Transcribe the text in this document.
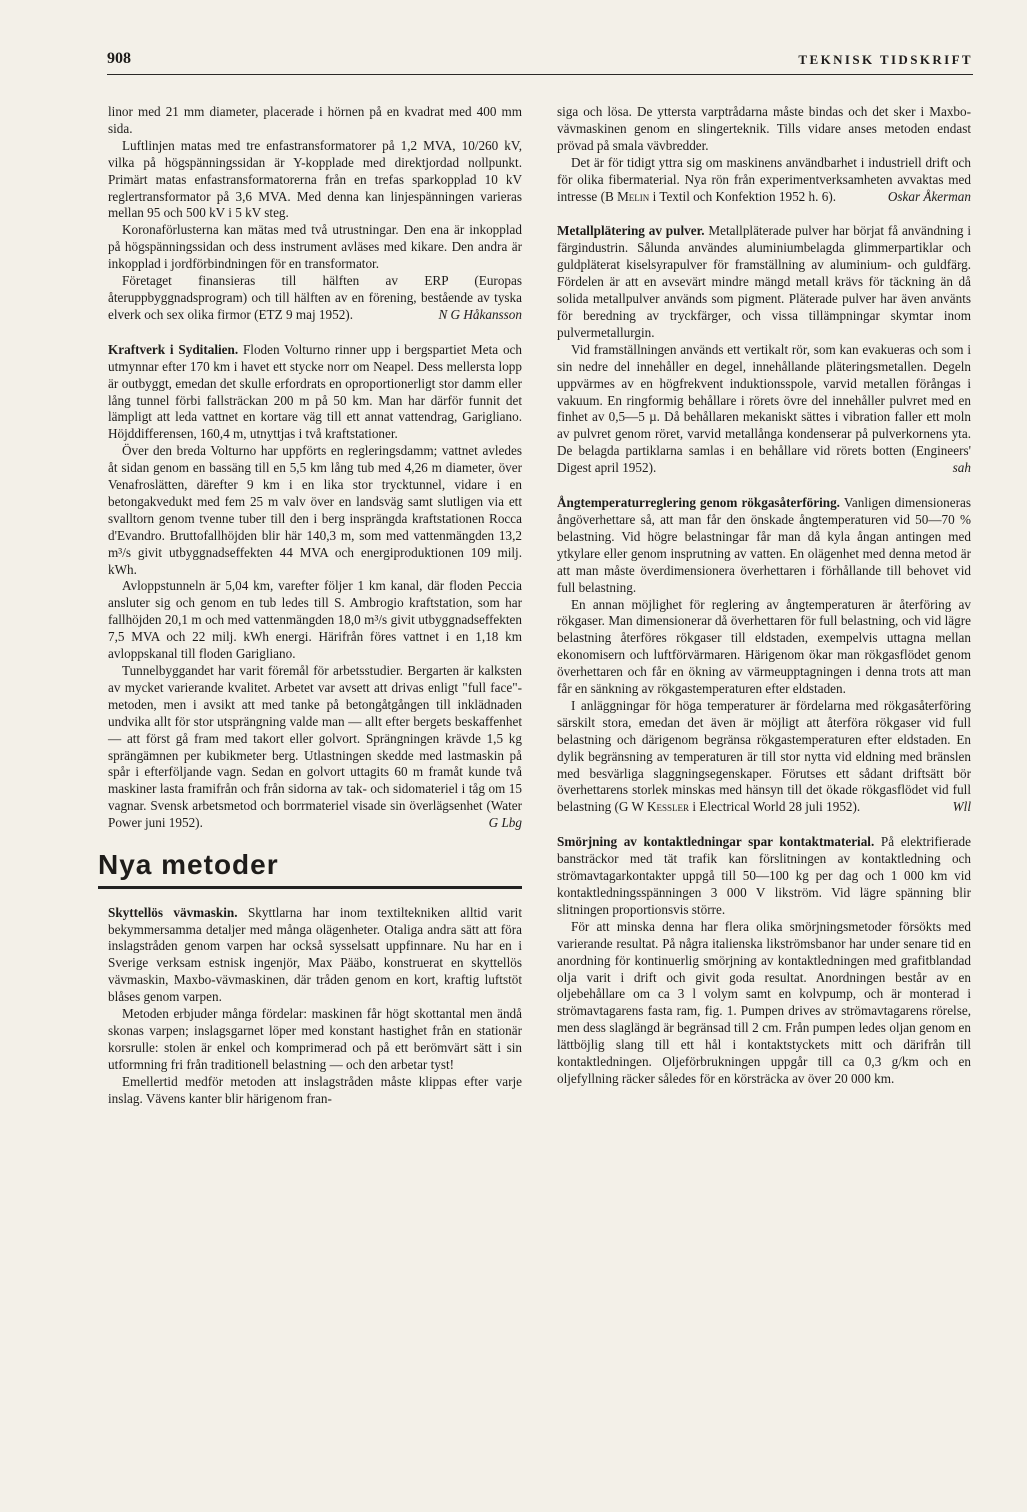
908	TEKNISK TIDSKRIFT

linor med 21 mm diameter, placerade i hörnen på en kvadrat med 400 mm sida.

Luftlinjen matas med tre enfastransformatorer på 1,2 MVA, 10/260 kV, vilka på högspänningssidan är Y-kopplade med direktjordad nollpunkt. Primärt matas enfastransformatorerna från en trefas sparkopplad 10 kV reglertransformator på 3,6 MVA. Med denna kan linjespänningen varieras mellan 95 och 500 kV i 5 kV steg.

Koronaförlusterna kan mätas med två utrustningar. Den ena är inkopplad på högspänningssidan och dess instrument avläses med kikare. Den andra är inkopplad i jordförbindningen för en transformator.

Företaget finansieras till hälften av ERP (Europas återuppbyggnadsprogram) och till hälften av en förening, bestående av tyska elverk och sex olika firmor (ETZ 9 maj 1952).	N G Håkansson

Kraftverk i Syditalien. Floden Volturno rinner upp i bergspartiet Meta och utmynnar efter 170 km i havet ett stycke norr om Neapel. Dess mellersta lopp är outbyggt, emedan det skulle erfordrats en oproportionerligt stor damm eller lång tunnel förbi fallsträckan 200 m på 50 km. Man har därför funnit det lämpligt att leda vattnet en kortare väg till ett annat vattendrag, Garigliano. Höjddifferensen, 160,4 m, utnyttjas i två kraftstationer.

Över den breda Volturno har uppförts en regleringsdamm; vattnet avledes åt sidan genom en bassäng till en 5,5 km lång tub med 4,26 m diameter, över Venafroslätten, därefter 9 km i en lika stor trycktunnel, vidare i en betongakvedukt med fem 25 m valv över en landsväg samt slutligen via ett svalltorn genom tvenne tuber till den i berg insprängda kraftstationen Rocca d'Evandro. Bruttofallhöjden blir här 140,3 m, som med vattenmängden 13,2 m³/s givit utbyggnadseffekten 44 MVA och energiproduktionen 109 milj. kWh.

Avloppstunneln är 5,04 km, varefter följer 1 km kanal, där floden Peccia ansluter sig och genom en tub ledes till S. Ambrogio kraftstation, som har fallhöjden 20,1 m och med vattenmängden 18,0 m³/s givit utbyggnadseffekten 7,5 MVA och 22 milj. kWh energi. Härifrån föres vattnet i en 1,18 km avloppskanal till floden Garigliano.

Tunnelbyggandet har varit föremål för arbetsstudier. Bergarten är kalksten av mycket varierande kvalitet. Arbetet var avsett att drivas enligt "full face"-metoden, men i avsikt att med tanke på betongåtgången till inklädnaden undvika allt för stor utsprängning valde man — allt efter bergets beskaffenhet — att först gå fram med takort eller golvort. Sprängningen krävde 1,5 kg sprängämnen per kubikmeter berg. Utlastningen skedde med lastmaskin på spår i efterföljande vagn. Sedan en golvort uttagits 60 m framåt kunde två maskiner lasta framifrån och från sidorna av tak- och sidomateriel i tåg om 15 vagnar. Svensk arbetsmetod och borrmateriel visade sin överlägsenhet (Water Power juni 1952).	G Lbg
Nya metoder

Skyttellös vävmaskin. Skyttlarna har inom textiltekniken alltid varit bekymmersamma detaljer med många olägenheter. Otaliga andra sätt att föra inslagstråden genom varpen har också sysselsatt uppfinnare. Nu har en i Sverige verksam estnisk ingenjör, Max Pääbo, konstruerat en skyttellös vävmaskin, Maxbo-vävmaskinen, där tråden genom en kort, kraftig luftstöt blåses genom varpen.

Metoden erbjuder många fördelar: maskinen får högt skottantal men ändå skonas varpen; inslagsgarnet löper med konstant hastighet från en stationär korsrulle: stolen är enkel och komprimerad och på ett berömvärt sätt i sin utformning fri från traditionell belastning — och den arbetar tyst!

Emellertid medför metoden att inslagstråden måste klippas efter varje inslag. Vävens kanter blir härigenom fran-

siga och lösa. De yttersta varptrådarna måste bindas och det sker i Maxbo-vävmaskinen genom en slingerteknik. Tills vidare anses metoden endast prövad på smala vävbredder.

Det är för tidigt yttra sig om maskinens användbarhet i industriell drift och för olika fibermaterial. Nya rön från experimentverksamheten avvaktas med intresse (B Melin i Textil och Konfektion 1952 h. 6).	Oskar Åkerman

Metallplätering av pulver. Metallpläterade pulver har börjat få användning i färgindustrin. Sålunda användes aluminiumbelagda glimmerpartiklar och guldpläterat kiselsyrapulver för framställning av aluminium- och guldfärg. Fördelen är att en avsevärt mindre mängd metall krävs för täckning än då solida metallpulver används som pigment. Pläterade pulver har även använts för beredning av tryckfärger, och vissa tillämpningar skymtar inom pulvermetallurgin.

Vid framställningen används ett vertikalt rör, som kan evakueras och som i sin nedre del innehåller en degel, innehållande pläteringsmetallen. Degeln uppvärmes av en högfrekvent induktionsspole, varvid metallen förångas i vakuum. En ringformig behållare i rörets övre del innehåller pulvret med en finhet av 0,5—5 µ. Då behållaren mekaniskt sättes i vibration faller ett moln av pulvret genom röret, varvid metallånga kondenserar på pulverkornens yta. De belagda partiklarna samlas i en behållare vid rörets botten (Engineers' Digest april 1952).	sah

Ångtemperaturreglering genom rökgasåterföring. Vanligen dimensioneras ångöverhettare så, att man får den önskade ångtemperaturen vid 50—70 % belastning. Vid högre belastningar får man då kyla ångan antingen med ytkylare eller genom insprutning av vatten. En olägenhet med denna metod är att man måste överdimensionera överhettaren i förhållande till behovet vid full belastning.

En annan möjlighet för reglering av ångtemperaturen är återföring av rökgaser. Man dimensionerar då överhettaren för full belastning, och vid lägre belastning återföres rökgaser till eldstaden, exempelvis uttagna mellan ekonomisern och luftförvärmaren. Härigenom ökar man rökgasflödet genom överhettaren och får en ökning av värmeupptagningen i denna trots att man får en sänkning av rökgastemperaturen efter eldstaden.

I anläggningar för höga temperaturer är fördelarna med rökgasåterföring särskilt stora, emedan det även är möjligt att återföra rökgaser vid full belastning och därigenom begränsa rökgastemperaturen efter eldstaden. En dylik begränsning av temperaturen är till stor nytta vid eldning med bränslen med besvärliga slaggningsegenskaper. Förutses ett sådant driftsätt bör överhettarens storlek minskas med hänsyn till det ökade rökgasflödet vid full belastning (G W Kessler i Electrical World 28 juli 1952).	Wll

Smörjning av kontaktledningar spar kontaktmaterial. På elektrifierade bansträckor med tät trafik kan förslitningen av kontaktledning och strömavtagarkontakter uppgå till 50—100 kg per dag och 1 000 km vid kontaktledningsspänningen 3 000 V likström. Vid lägre spänning blir slitningen proportionsvis större.

För att minska denna har flera olika smörjningsmetoder försökts med varierande resultat. På några italienska likströmsbanor har under senare tid en anordning för kontinuerlig smörjning av kontaktledningen med grafitblandad olja varit i drift och givit goda resultat. Anordningen består av en oljebehållare om ca 3 l volym samt en kolvpump, och är monterad i strömavtagarens fasta ram, fig. 1. Pumpen drives av strömavtagarens rörelse, men dess slaglängd är begränsad till 2 cm. Från pumpen ledes oljan genom en lättböjlig slang till ett hål i kontaktstyckets mitt och därifrån till kontaktledningen. Oljeförbrukningen uppgår till ca 0,3 g/km och en oljefyllning räcker således för en körsträcka av över 20 000 km.
